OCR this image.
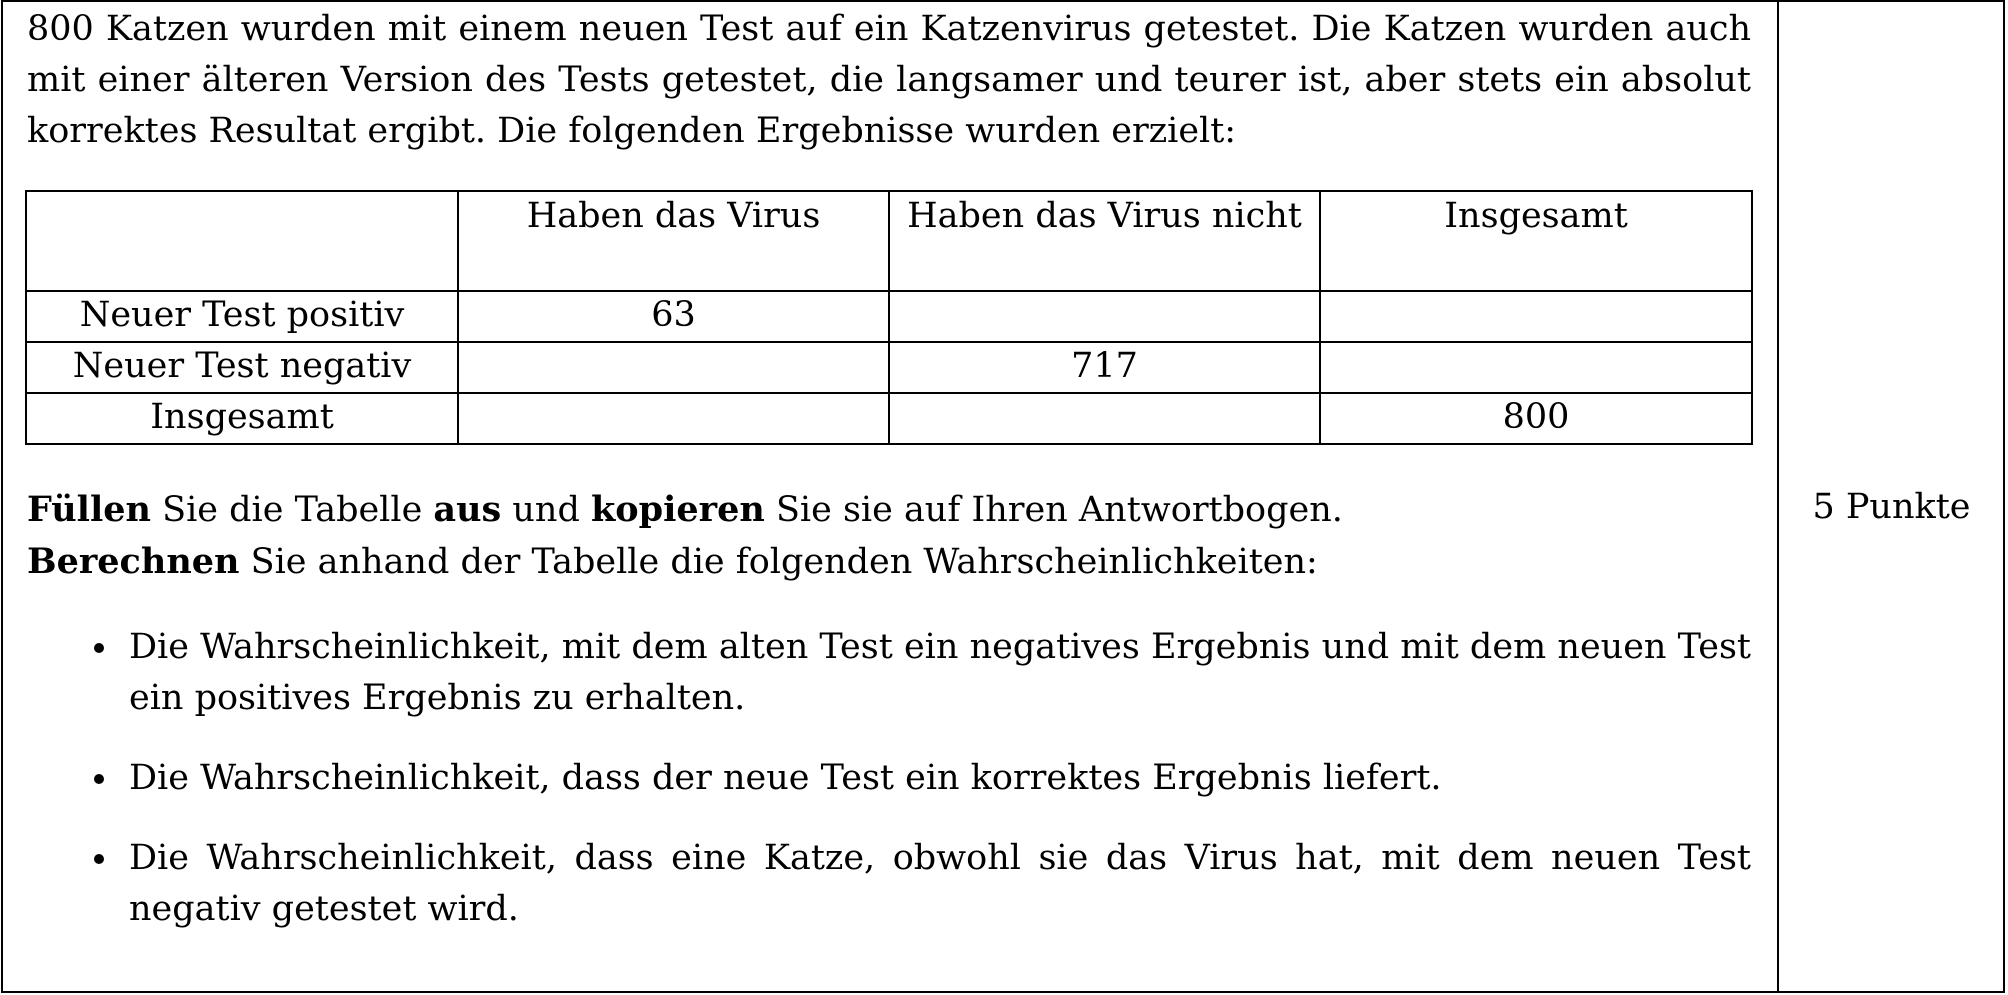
800 Katzen wurden mit einem neuen Test auf ein Katzenvirus getestet. Die Katzen wurden auch mit einer älteren Version des Tests getestet, die langsamer und teurer ist, aber stets ein absolut korrektes Resultat ergibt. Die folgenden Ergebnisse wurden erzielt:

	Haben das Virus	Haben das Virus nicht	Insgesamt
Neuer Test positiv	63		
Neuer Test negativ		717	
Insgesamt			800
Füllen Sie die Tabelle aus und kopieren Sie sie auf Ihren Antwortbogen.
Berechnen Sie anhand der Tabelle die folgenden Wahrscheinlichkeiten:
Die Wahrscheinlichkeit, mit dem alten Test ein negatives Ergebnis und mit dem neuen Test ein positives Ergebnis zu erhalten.
Die Wahrscheinlichkeit, dass der neue Test ein korrektes Ergebnis liefert.
Die Wahrscheinlichkeit, dass eine Katze, obwohl sie das Virus hat, mit dem neuen Test negativ getestet wird.
5 Punkte
